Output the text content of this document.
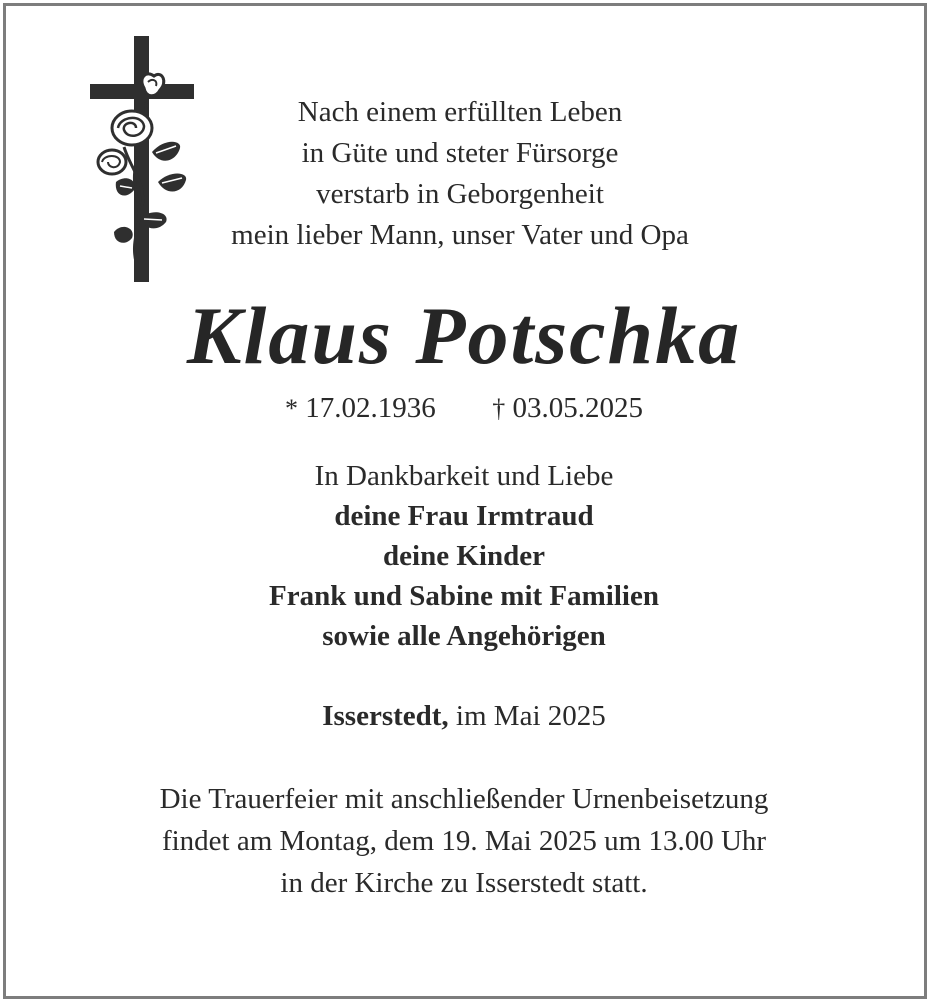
Nach einem erfüllten Leben
in Güte und steter Fürsorge
verstarb in Geborgenheit
mein lieber Mann, unser Vater und Opa

Klaus Potschka
* 17.02.1936 † 03.05.2025
In Dankbarkeit und Liebe
deine Frau Irmtraud
deine Kinder
Frank und Sabine mit Familien
sowie alle Angehörigen
Isserstedt, im Mai 2025
Die Trauerfeier mit anschließender Urnenbeisetzung
findet am Montag, dem 19. Mai 2025 um 13.00 Uhr
in der Kirche zu Isserstedt statt.
